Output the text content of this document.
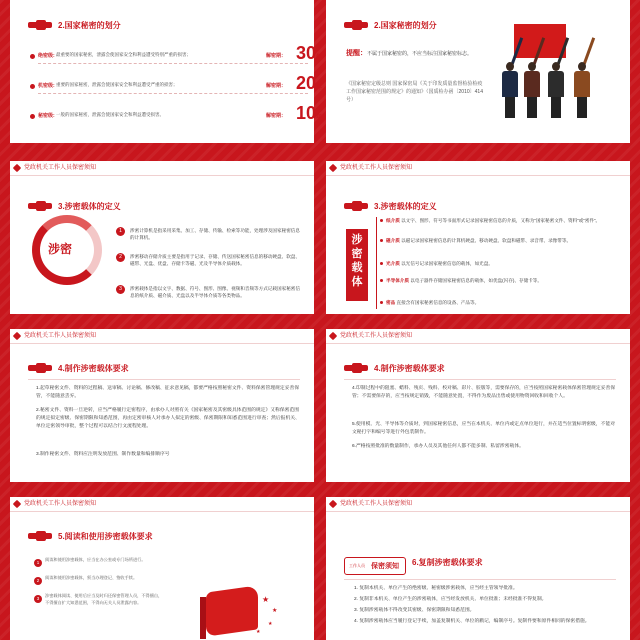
2.国家秘密的划分
绝密级: 最重要的国家秘密，泄露会使国家安全和利益遭受特别严重的损害；	解密期： 30年
机密级: 重要的国家秘密，泄露会使国家安全和利益遭受严重的损害；	解密期： 20年
秘密级: 一般的国家秘密，泄露会使国家安全和利益遭受损害。	解密期： 10年
2.国家秘密的划分
提醒：不属于国家秘密的，不应当标注国家秘密标志。
《国家秘密定级总则 国家保密局《关于印发质量监督检验检疫工作国家秘密范围的规定》的通知》（国质检办函〔2010〕414号）
党政机关工作人员保密须知
3.涉密载体的定义
涉密
1	涉密计算机是指采用采集、加工、存储、传输、检索等功能，处理涉及国家秘密信息的计算机。
2	涉密移动存储介质主要是指用于记录、存储、传送国家秘密信息的移动硬盘、软盘、磁带、光盘、优盘、存储卡等磁、光及半导体介质载体。
3	涉密载体是指以文字、数据、符号、图形、图像、视频和音频等方式记载国家秘密信息的纸介质、磁介质、光盘以及半导体介质等各类物品。
党政机关工作人员保密须知
3.涉密载体的定义
涉
密
载
体
纸介质 以文字、图形、符号等书面形式记录国家秘密信息的介质，又称为“国家秘密文件、资料”或“密件”。
磁介质 以磁记录国家秘密信息的计算机硬盘、移动硬盘、软盘和磁带、录音带、录像带等。
光介质 以光信号记录国家秘密信息的载体，如光盘。
半导体介质 以电子器件存储国家秘密信息的载体，如优盘(闪存)、存储卡等。
密品 直接含有国家秘密信息的设备、产品等。
党政机关工作人员保密须知
4.制作涉密载体要求
1.起草秘密文件、资料的过程稿、送审稿、讨论稿、修改稿、征求意见稿，都要严格按照秘密文件、资料保密管理规定妥善保管，不能随意丢弃。
2.秘密文件、资料一旦逆转，应当严格履行定密程序，由承办人对照有关《国家秘密及其密级具体范围的规定》又称保密范围的规定拟定密级、保密期限和知悉范围，再由定密审核人对承办人拟定的密级、保密期限和知悉范围进行审查；然后报机关、单位定密领导审批，整个过程可以结合行文流程处理。
3.制作秘密文件、资料应注明发放范围、制作数量和编排顺序号
党政机关工作人员保密须知
4.制作涉密载体要求
4.印制过程中的阻塞、蜡料、残页、残料、校对稿、彩片、胶版等，需要保存的，应当按照国家秘密载体保密管理规定妥善保管；不需要保存的，应当按规定销毁，不能随意处置，不得作为废品出售或使用物资回收和回收个人。
5.使用模、光、半导体等介质时，到国家秘密信息，应当在本机关、单位内或定点单位进行，并在适当位置标明密级，不能对文秘打字和编号等进行外包装制作。
6.严格按照批准的数量制作，承办人员及其他任何人都不能多制、私留涉密载体。
党政机关工作人员保密须知
5.阅读和使用涉密载体要求
1
阅读和使用涉密载体，应当在办公室或专门场所进行。
2
阅读和使用涉密载体，须当办理登记、签收手续。
3
涉密载体阅读、使用后应当及时归还保密管理人员，不得擅自，不得擅自扩大知悉范围，不得向无关人员泄露内容。	★
★
★
★
党政机关工作人员保密须知
工作人员 保密须知 6.复制涉密载体要求
1. 复制本机关、单位产生的绝密级、秘密级涉密载体，应当经主管领导批准。
2. 复制非本机关、单位产生的涉密载体，应当经发放机关、单位批准；未经批准不得复制。
3. 复制涉密载体不得改变其密级、保密期限和知悉范围。
4. 复制涉密载体应当履行登记手续，加盖复制机关、单位的戳记，编制序号。复制件要和原件相同的保密措施。
